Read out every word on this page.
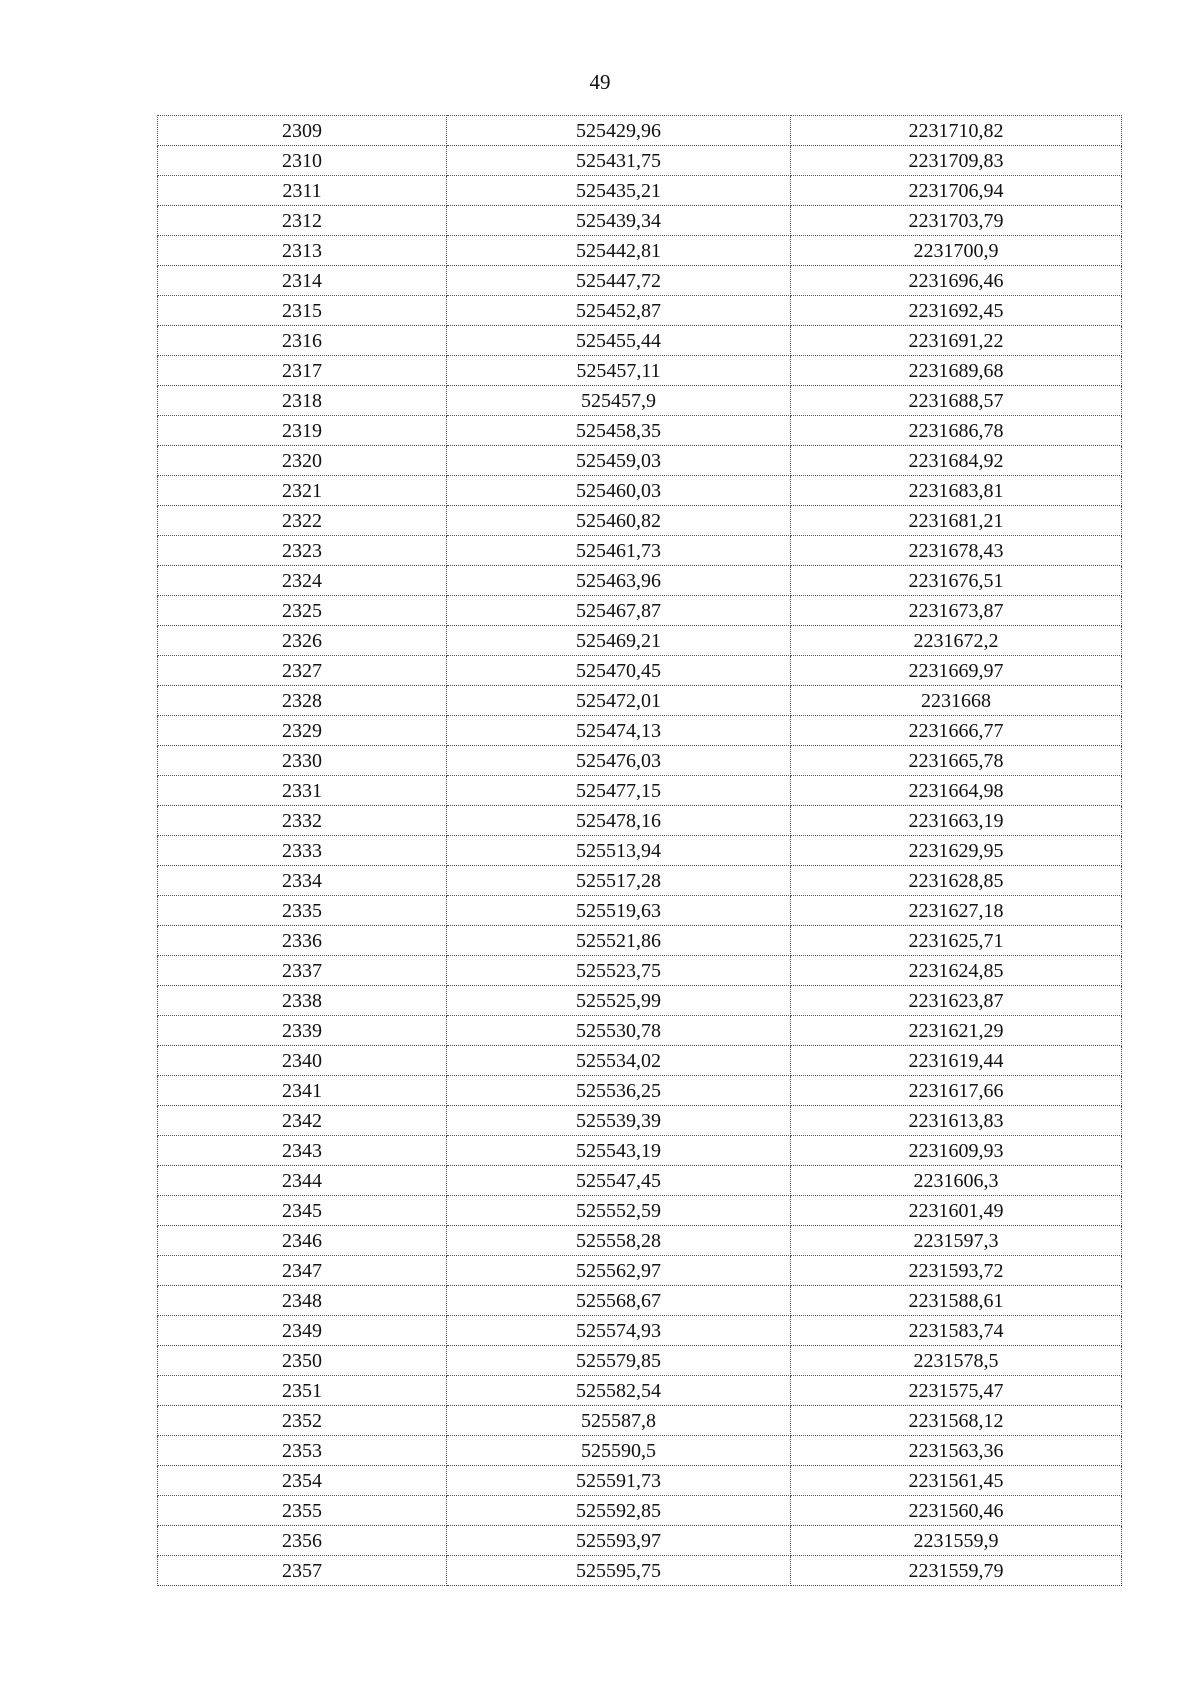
49
2309	525429,96	2231710,82
2310	525431,75	2231709,83
2311	525435,21	2231706,94
2312	525439,34	2231703,79
2313	525442,81	2231700,9
2314	525447,72	2231696,46
2315	525452,87	2231692,45
2316	525455,44	2231691,22
2317	525457,11	2231689,68
2318	525457,9	2231688,57
2319	525458,35	2231686,78
2320	525459,03	2231684,92
2321	525460,03	2231683,81
2322	525460,82	2231681,21
2323	525461,73	2231678,43
2324	525463,96	2231676,51
2325	525467,87	2231673,87
2326	525469,21	2231672,2
2327	525470,45	2231669,97
2328	525472,01	2231668
2329	525474,13	2231666,77
2330	525476,03	2231665,78
2331	525477,15	2231664,98
2332	525478,16	2231663,19
2333	525513,94	2231629,95
2334	525517,28	2231628,85
2335	525519,63	2231627,18
2336	525521,86	2231625,71
2337	525523,75	2231624,85
2338	525525,99	2231623,87
2339	525530,78	2231621,29
2340	525534,02	2231619,44
2341	525536,25	2231617,66
2342	525539,39	2231613,83
2343	525543,19	2231609,93
2344	525547,45	2231606,3
2345	525552,59	2231601,49
2346	525558,28	2231597,3
2347	525562,97	2231593,72
2348	525568,67	2231588,61
2349	525574,93	2231583,74
2350	525579,85	2231578,5
2351	525582,54	2231575,47
2352	525587,8	2231568,12
2353	525590,5	2231563,36
2354	525591,73	2231561,45
2355	525592,85	2231560,46
2356	525593,97	2231559,9
2357	525595,75	2231559,79
